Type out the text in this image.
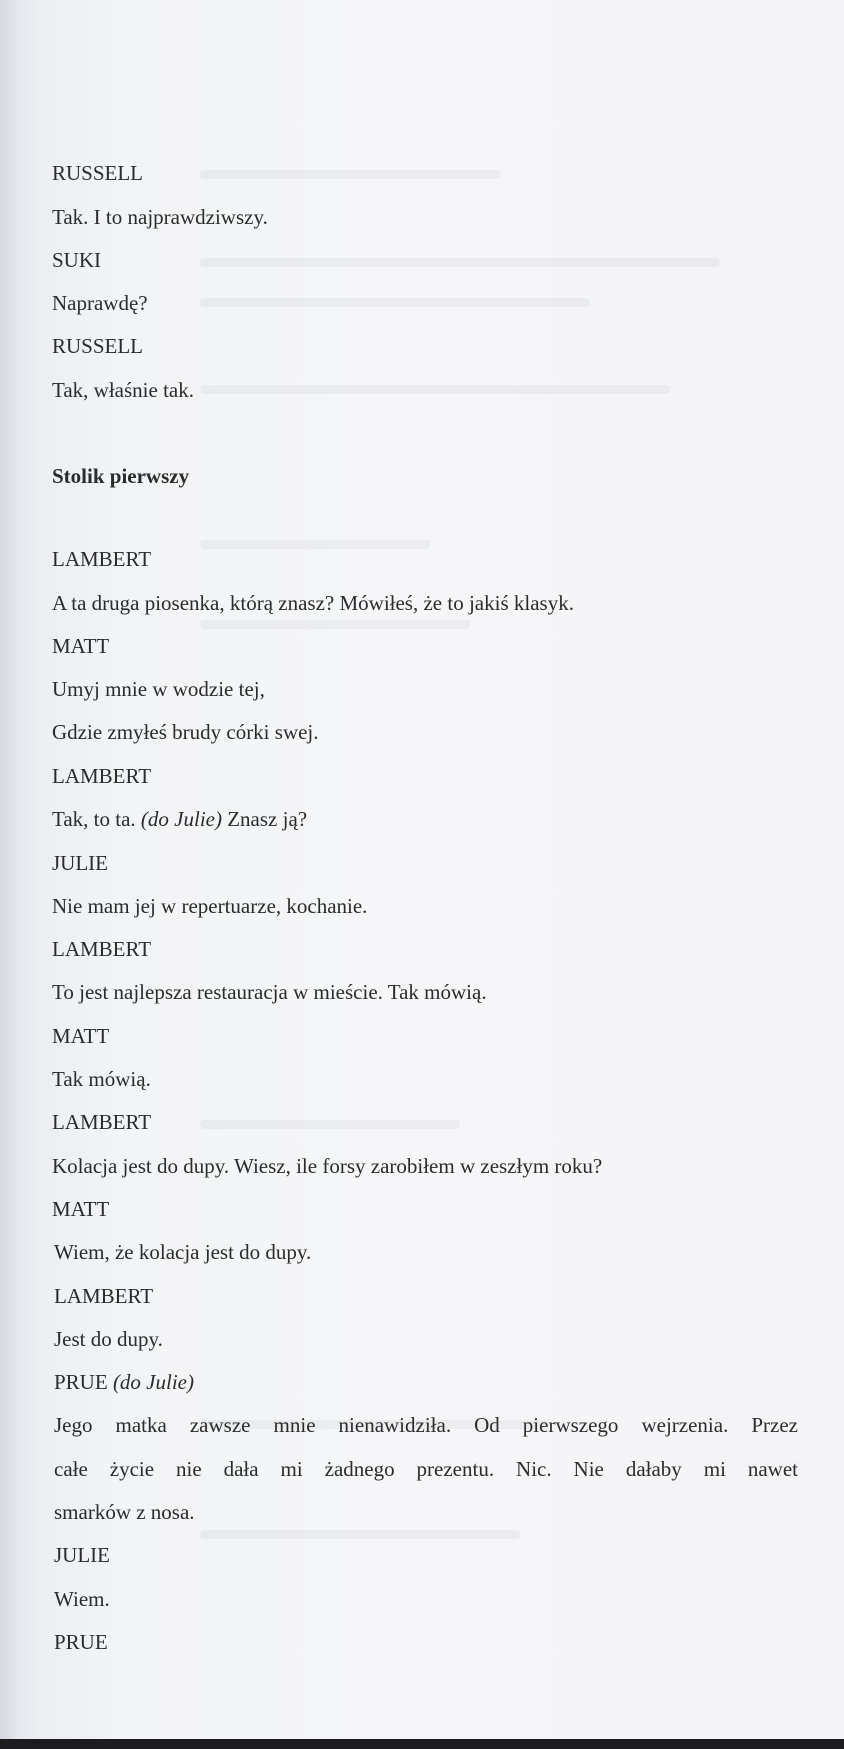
RUSSELL
Tak. I to najprawdziwszy.
SUKI
Naprawdę?
RUSSELL
Tak, właśnie tak.
Stolik pierwszy
LAMBERT
A ta druga piosenka, którą znasz? Mówiłeś, że to jakiś klasyk.
MATT
Umyj mnie w wodzie tej,
Gdzie zmyłeś brudy córki swej.
LAMBERT
Tak, to ta. (do Julie) Znasz ją?
JULIE
Nie mam jej w repertuarze, kochanie.
LAMBERT
To jest najlepsza restauracja w mieście. Tak mówią.
MATT
Tak mówią.
LAMBERT
Kolacja jest do dupy. Wiesz, ile forsy zarobiłem w zeszłym roku?
MATT
Wiem, że kolacja jest do dupy.
LAMBERT
Jest do dupy.
PRUE (do Julie)
Jego matka zawsze mnie nienawidziła. Od pierwszego wejrzenia. Przez
całe życie nie dała mi żadnego prezentu. Nic. Nie dałaby mi nawet
smarków z nosa.
JULIE
Wiem.
PRUE
